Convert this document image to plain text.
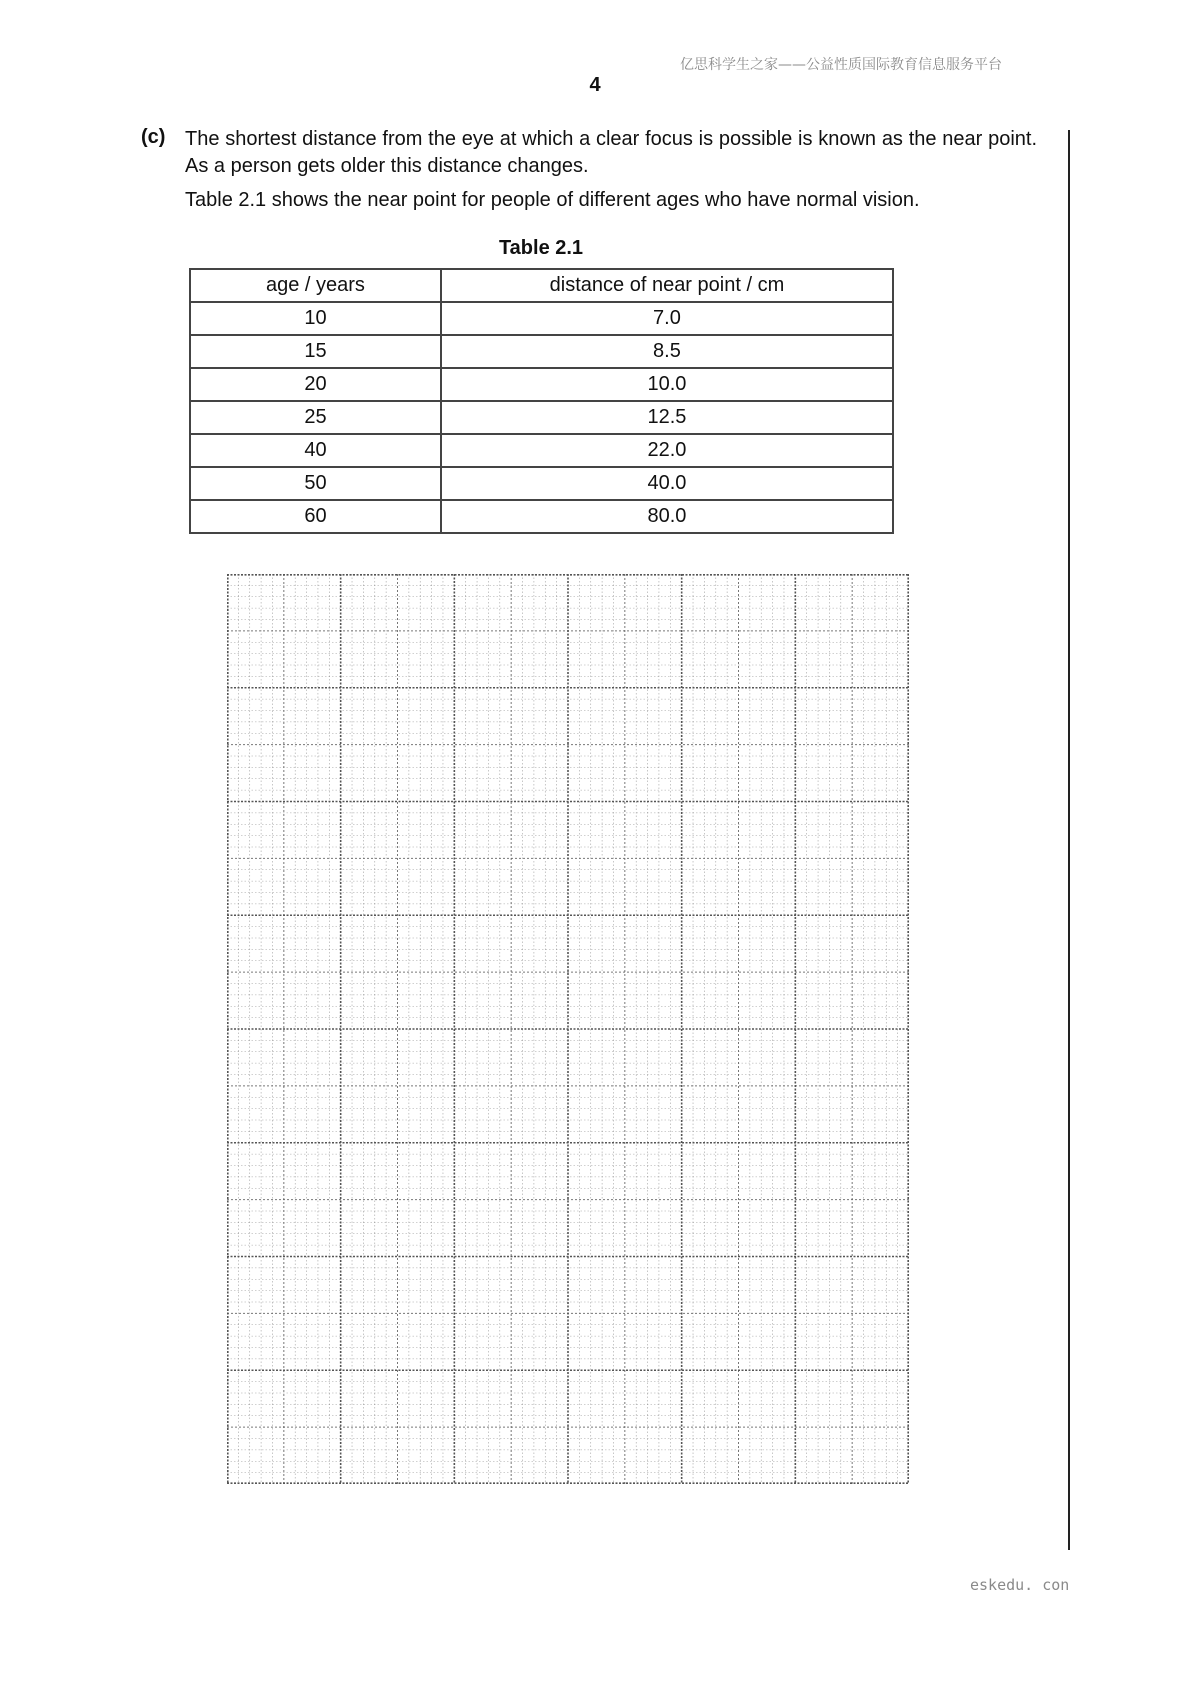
亿思科学生之家——公益性质国际教育信息服务平台
4
(c) The shortest distance from the eye at which a clear focus is possible is known as the near point. As a person gets older this distance changes.
Table 2.1 shows the near point for people of different ages who have normal vision.
Table 2.1
age / years	distance of near point / cm
10	7.0
15	8.5
20	10.0
25	12.5
40	22.0
50	40.0
60	80.0
eskedu. con
